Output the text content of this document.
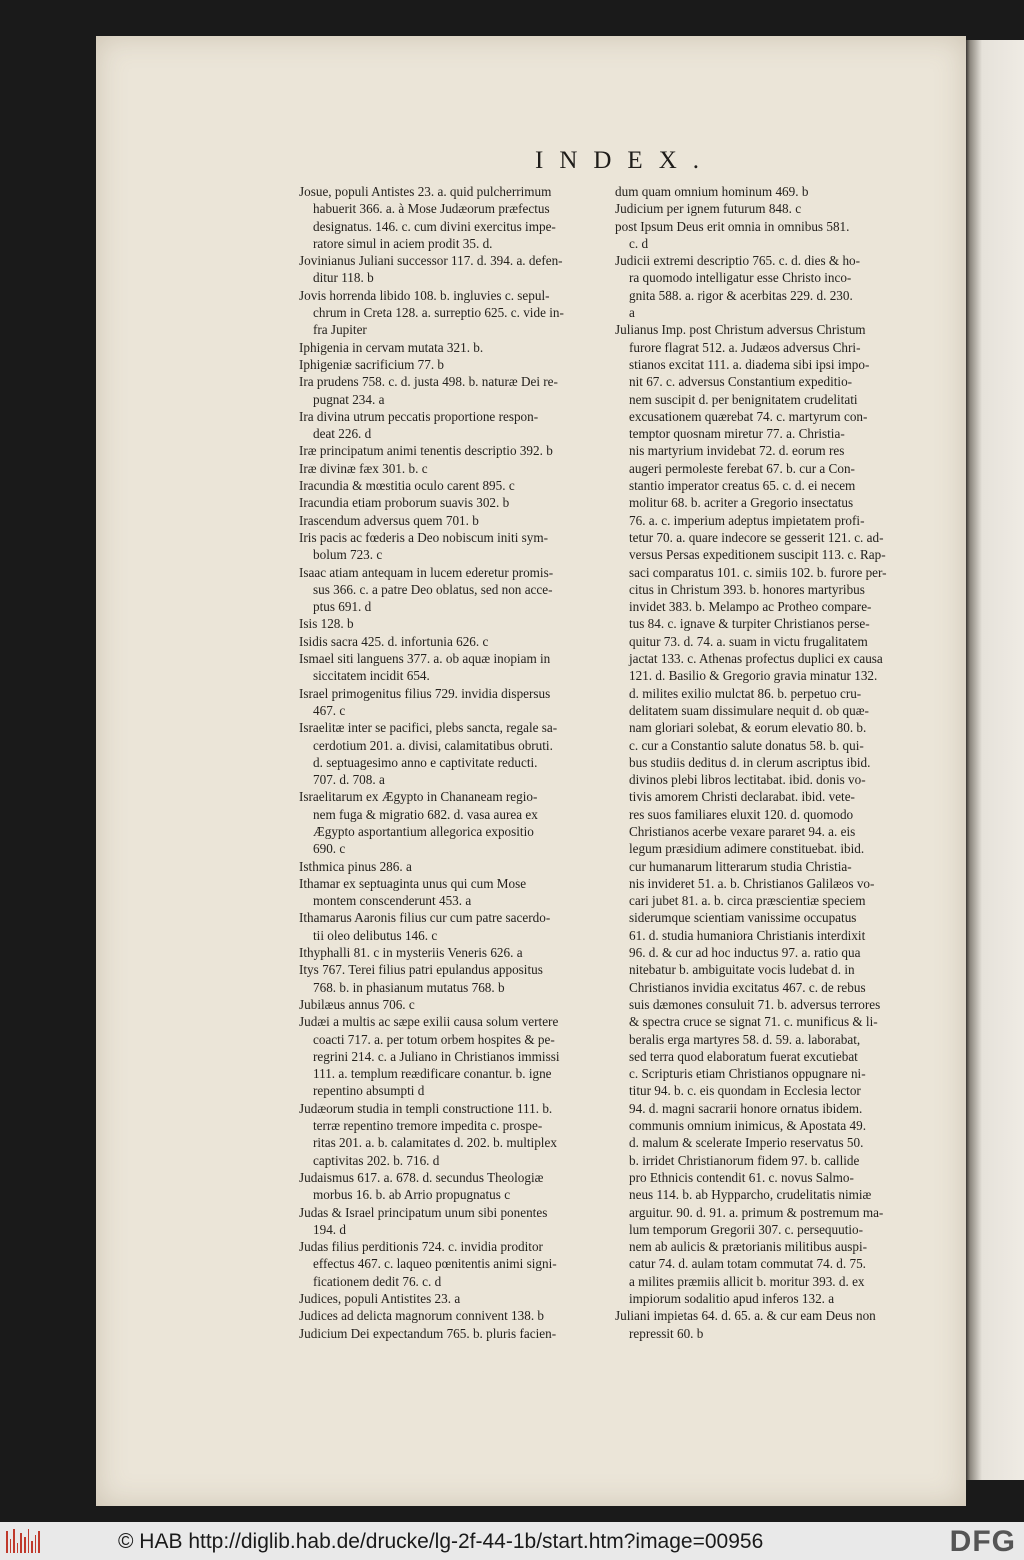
INDEX.

Josue, populi Antistes 23. a. quid pulcherrimum

habuerit 366. a. à Mose Judæorum præfectus

designatus. 146. c. cum divini exercitus impe-

ratore simul in aciem prodit 35. d.

Jovinianus Juliani successor 117. d. 394. a. defen-

ditur 118. b

Jovis horrenda libido 108. b. ingluvies c. sepul-

chrum in Creta 128. a. surreptio 625. c. vide in-

fra Jupiter

Iphigenia in cervam mutata 321. b.

Iphigeniæ sacrificium 77. b

Ira prudens 758. c. d. justa 498. b. naturæ Dei re-

pugnat 234. a

Ira divina utrum peccatis proportione respon-

deat 226. d

Iræ principatum animi tenentis descriptio 392. b

Iræ divinæ fæx 301. b. c

Iracundia & mœstitia oculo carent 895. c

Iracundia etiam proborum suavis 302. b

Irascendum adversus quem 701. b

Iris pacis ac fœderis a Deo nobiscum initi sym-

bolum 723. c

Isaac atiam antequam in lucem ederetur promis-

sus 366. c. a patre Deo oblatus, sed non acce-

ptus 691. d

Isis 128. b

Isidis sacra 425. d. infortunia 626. c

Ismael siti languens 377. a. ob aquæ inopiam in

siccitatem incidit 654.

Israel primogenitus filius 729. invidia dispersus

467. c

Israelitæ inter se pacifici, plebs sancta, regale sa-

cerdotium 201. a. divisi, calamitatibus obruti.

d. septuagesimo anno e captivitate reducti.

707. d. 708. a

Israelitarum ex Ægypto in Chananeam regio-

nem fuga & migratio 682. d. vasa aurea ex

Ægypto asportantium allegorica expositio

690. c

Isthmica pinus 286. a

Ithamar ex septuaginta unus qui cum Mose

montem conscenderunt 453. a

Ithamarus Aaronis filius cur cum patre sacerdo-

tii oleo delibutus 146. c

Ithyphalli 81. c in mysteriis Veneris 626. a

Itys 767. Terei filius patri epulandus appositus

768. b. in phasianum mutatus 768. b

Jubilæus annus 706. c

Judæi a multis ac sæpe exilii causa solum vertere

coacti 717. a. per totum orbem hospites & pe-

regrini 214. c. a Juliano in Christianos immissi

111. a. templum reædificare conantur. b. igne

repentino absumpti d

Judæorum studia in templi constructione 111. b.

terræ repentino tremore impedita c. prospe-

ritas 201. a. b. calamitates d. 202. b. multiplex

captivitas 202. b. 716. d

Judaismus 617. a. 678. d. secundus Theologiæ

morbus 16. b. ab Arrio propugnatus c

Judas & Israel principatum unum sibi ponentes

194. d

Judas filius perditionis 724. c. invidia proditor

effectus 467. c. laqueo pœnitentis animi signi-

ficationem dedit 76. c. d

Judices, populi Antistites 23. a

Judices ad delicta magnorum connivent 138. b

Judicium Dei expectandum 765. b. pluris facien-

dum quam omnium hominum 469. b

Judicium per ignem futurum 848. c

post Ipsum Deus erit omnia in omnibus 581.

c. d

Judicii extremi descriptio 765. c. d. dies & ho-

ra quomodo intelligatur esse Christo inco-

gnita 588. a. rigor & acerbitas 229. d. 230.

a

Julianus Imp. post Christum adversus Christum

furore flagrat 512. a. Judæos adversus Chri-

stianos excitat 111. a. diadema sibi ipsi impo-

nit 67. c. adversus Constantium expeditio-

nem suscipit d. per benignitatem crudelitati

excusationem quærebat 74. c. martyrum con-

temptor quosnam miretur 77. a. Christia-

nis martyrium invidebat 72. d. eorum res

augeri permoleste ferebat 67. b. cur a Con-

stantio imperator creatus 65. c. d. ei necem

molitur 68. b. acriter a Gregorio insectatus

76. a. c. imperium adeptus impietatem profi-

tetur 70. a. quare indecore se gesserit 121. c. ad-

versus Persas expeditionem suscipit 113. c. Rap-

saci comparatus 101. c. simiis 102. b. furore per-

citus in Christum 393. b. honores martyribus

invidet 383. b. Melampo ac Protheo compare-

tus 84. c. ignave & turpiter Christianos perse-

quitur 73. d. 74. a. suam in victu frugalitatem

jactat 133. c. Athenas profectus duplici ex causa

121. d. Basilio & Gregorio gravia minatur 132.

d. milites exilio mulctat 86. b. perpetuo cru-

delitatem suam dissimulare nequit d. ob quæ-

nam gloriari solebat, & eorum elevatio 80. b.

c. cur a Constantio salute donatus 58. b. qui-

bus studiis deditus d. in clerum ascriptus ibid.

divinos plebi libros lectitabat. ibid. donis vo-

tivis amorem Christi declarabat. ibid. vete-

res suos familiares eluxit 120. d. quomodo

Christianos acerbe vexare pararet 94. a. eis

legum præsidium adimere constituebat. ibid.

cur humanarum litterarum studia Christia-

nis invideret 51. a. b. Christianos Galilæos vo-

cari jubet 81. a. b. circa præscientiæ speciem

siderumque scientiam vanissime occupatus

61. d. studia humaniora Christianis interdixit

96. d. & cur ad hoc inductus 97. a. ratio qua

nitebatur b. ambiguitate vocis ludebat d. in

Christianos invidia excitatus 467. c. de rebus

suis dæmones consuluit 71. b. adversus terrores

& spectra cruce se signat 71. c. munificus & li-

beralis erga martyres 58. d. 59. a. laborabat,

sed terra quod elaboratum fuerat excutiebat

c. Scripturis etiam Christianos oppugnare ni-

titur 94. b. c. eis quondam in Ecclesia lector

94. d. magni sacrarii honore ornatus ibidem.

communis omnium inimicus, & Apostata 49.

d. malum & scelerate Imperio reservatus 50.

b. irridet Christianorum fidem 97. b. callide

pro Ethnicis contendit 61. c. novus Salmo-

neus 114. b. ab Hypparcho, crudelitatis nimiæ

arguitur. 90. d. 91. a. primum & postremum ma-

lum temporum Gregorii 307. c. persequutio-

nem ab aulicis & prætorianis militibus auspi-

catur 74. d. aulam totam commutat 74. d. 75.

a milites præmiis allicit b. moritur 393. d. ex

impiorum sodalitio apud inferos 132. a

Juliani impietas 64. d. 65. a. & cur eam Deus non

repressit 60. b

© HAB http://diglib.hab.de/drucke/lg-2f-44-1b/start.htm?image=00956	DFG
